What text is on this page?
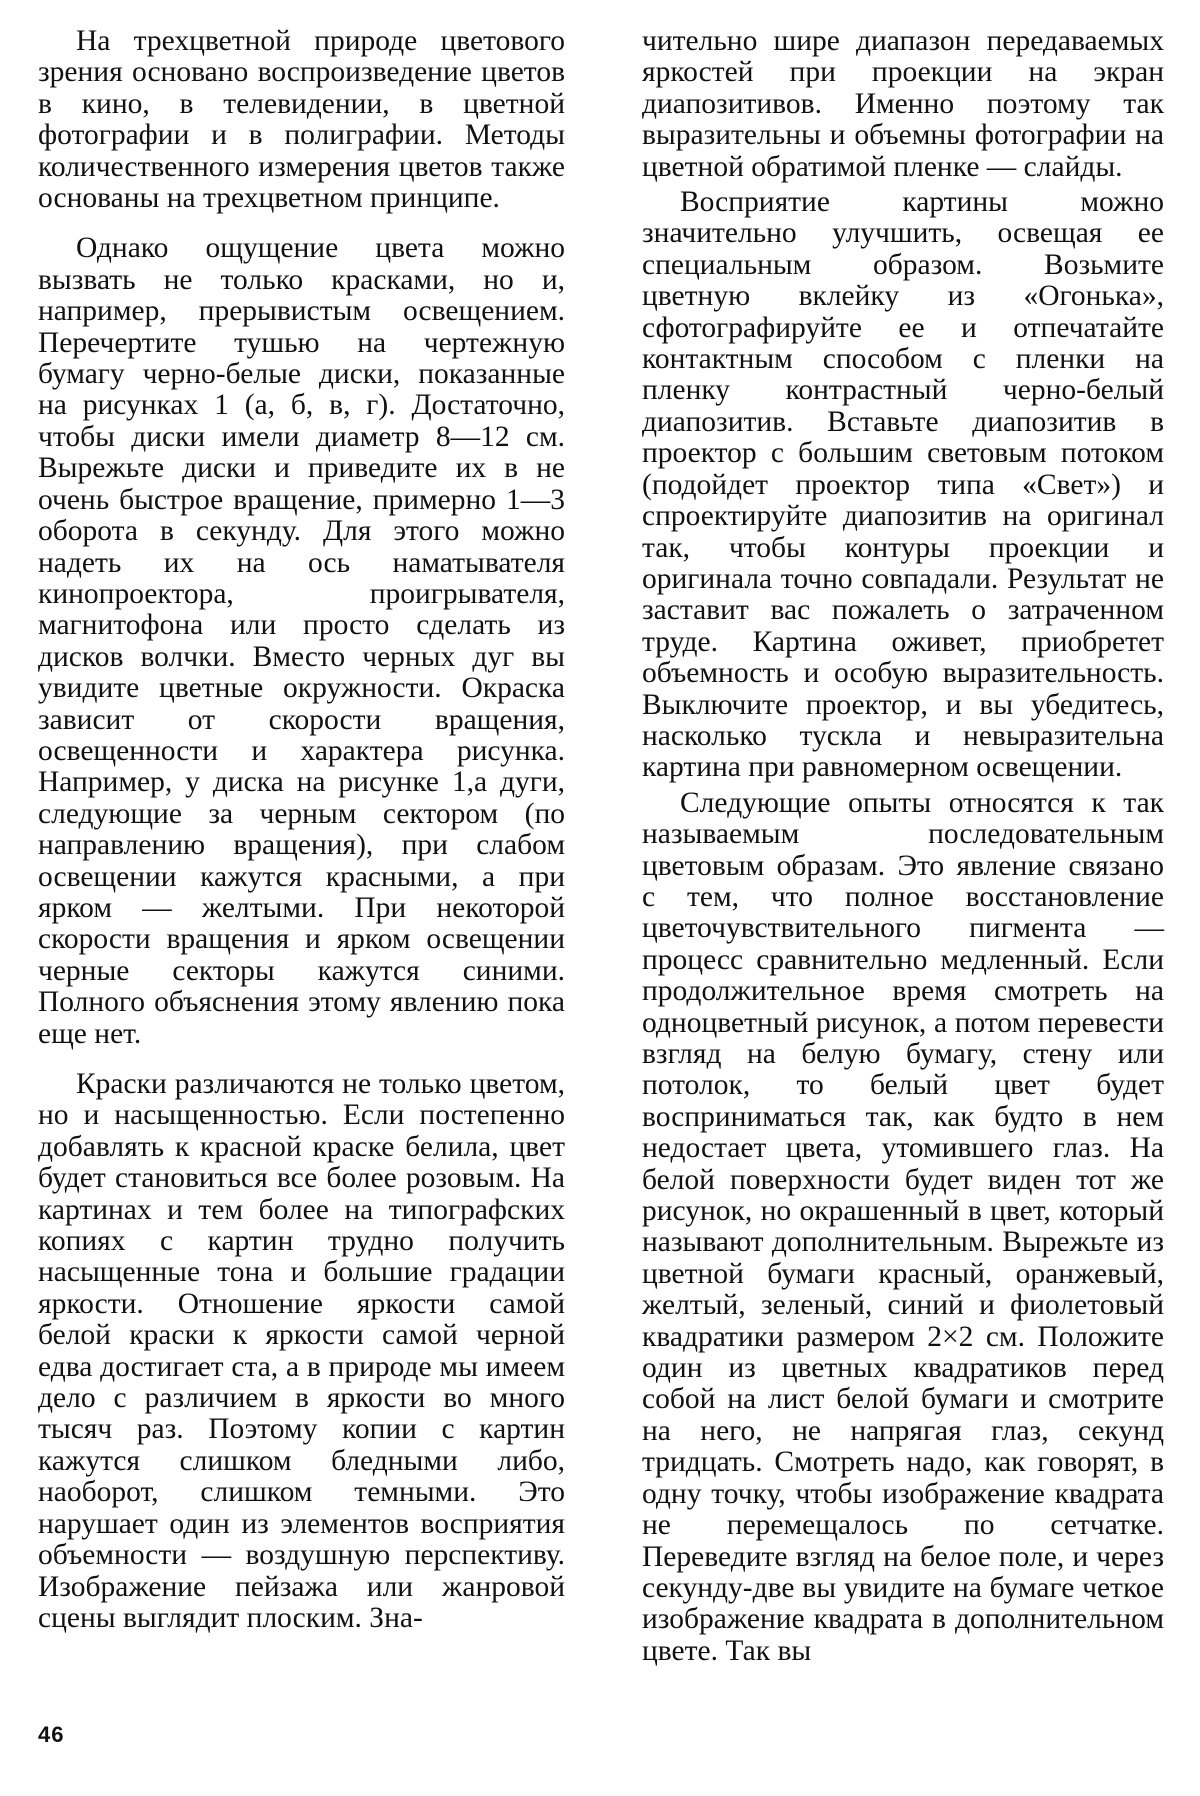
На трехцветной природе цветового зрения основано воспроизведение цветов в кино, в телевидении, в цветной фотографии и в полиграфии. Методы количественного измерения цветов также основаны на трехцветном принципе.

Однако ощущение цвета можно вызвать не только красками, но и, например, прерывистым освещением. Перечертите тушью на чертежную бумагу черно-белые диски, показанные на рисунках 1 (а, б, в, г). Достаточно, чтобы диски имели диаметр 8—12 см. Вырежьте диски и приведите их в не очень быстрое вращение, примерно 1—3 оборота в секунду. Для этого можно надеть их на ось наматывателя кинопроектора, проигрывателя, магнитофона или просто сделать из дисков волчки. Вместо черных дуг вы увидите цветные окружности. Окраска зависит от скорости вращения, освещенности и характера рисунка. Например, у диска на рисунке 1,а дуги, следующие за черным сектором (по направлению вращения), при слабом освещении кажутся красными, а при ярком — желтыми. При некоторой скорости вращения и ярком освещении черные секторы кажутся синими. Полного объяснения этому явлению пока еще нет.

Краски различаются не только цветом, но и насыщенностью. Если постепенно добавлять к красной краске белила, цвет будет становиться все более розовым. На картинах и тем более на типографских копиях с картин трудно получить насыщенные тона и большие градации яркости. Отношение яркости самой белой краски к яркости самой черной едва достигает ста, а в природе мы имеем дело с различием в яркости во много тысяч раз. Поэтому копии с картин кажутся слишком бледными либо, наоборот, слишком темными. Это нарушает один из элементов восприятия объемности — воздушную перспективу. Изображение пейзажа или жанровой сцены выглядит плоским. Зна-

чительно шире диапазон передаваемых яркостей при проекции на экран диапозитивов. Именно поэтому так выразительны и объемны фотографии на цветной обратимой пленке — слайды.

Восприятие картины можно значительно улучшить, освещая ее специальным образом. Возьмите цветную вклейку из «Огонька», сфотографируйте ее и отпечатайте контактным способом с пленки на пленку контрастный черно-белый диапозитив. Вставьте диапозитив в проектор с большим световым потоком (подойдет проектор типа «Свет») и спроектируйте диапозитив на оригинал так, чтобы контуры проекции и оригинала точно совпадали. Результат не заставит вас пожалеть о затраченном труде. Картина оживет, приобретет объемность и особую выразительность. Выключите проектор, и вы убедитесь, насколько тускла и невыразительна картина при равномерном освещении.

Следующие опыты относятся к так называемым последовательным цветовым образам. Это явление связано с тем, что полное восстановление цветочувствительного пигмента — процесс сравнительно медленный. Если продолжительное время смотреть на одноцветный рисунок, а потом перевести взгляд на белую бумагу, стену или потолок, то белый цвет будет восприниматься так, как будто в нем недостает цвета, утомившего глаз. На белой поверхности будет виден тот же рисунок, но окрашенный в цвет, который называют дополнительным. Вырежьте из цветной бумаги красный, оранжевый, желтый, зеленый, синий и фиолетовый квадратики размером 2×2 см. Положите один из цветных квадратиков перед собой на лист белой бумаги и смотрите на него, не напрягая глаз, секунд тридцать. Смотреть надо, как говорят, в одну точку, чтобы изображение квадрата не перемещалось по сетчатке. Переведите взгляд на белое поле, и через секунду-две вы увидите на бумаге четкое изображение квадрата в дополнительном цвете. Так вы

46
